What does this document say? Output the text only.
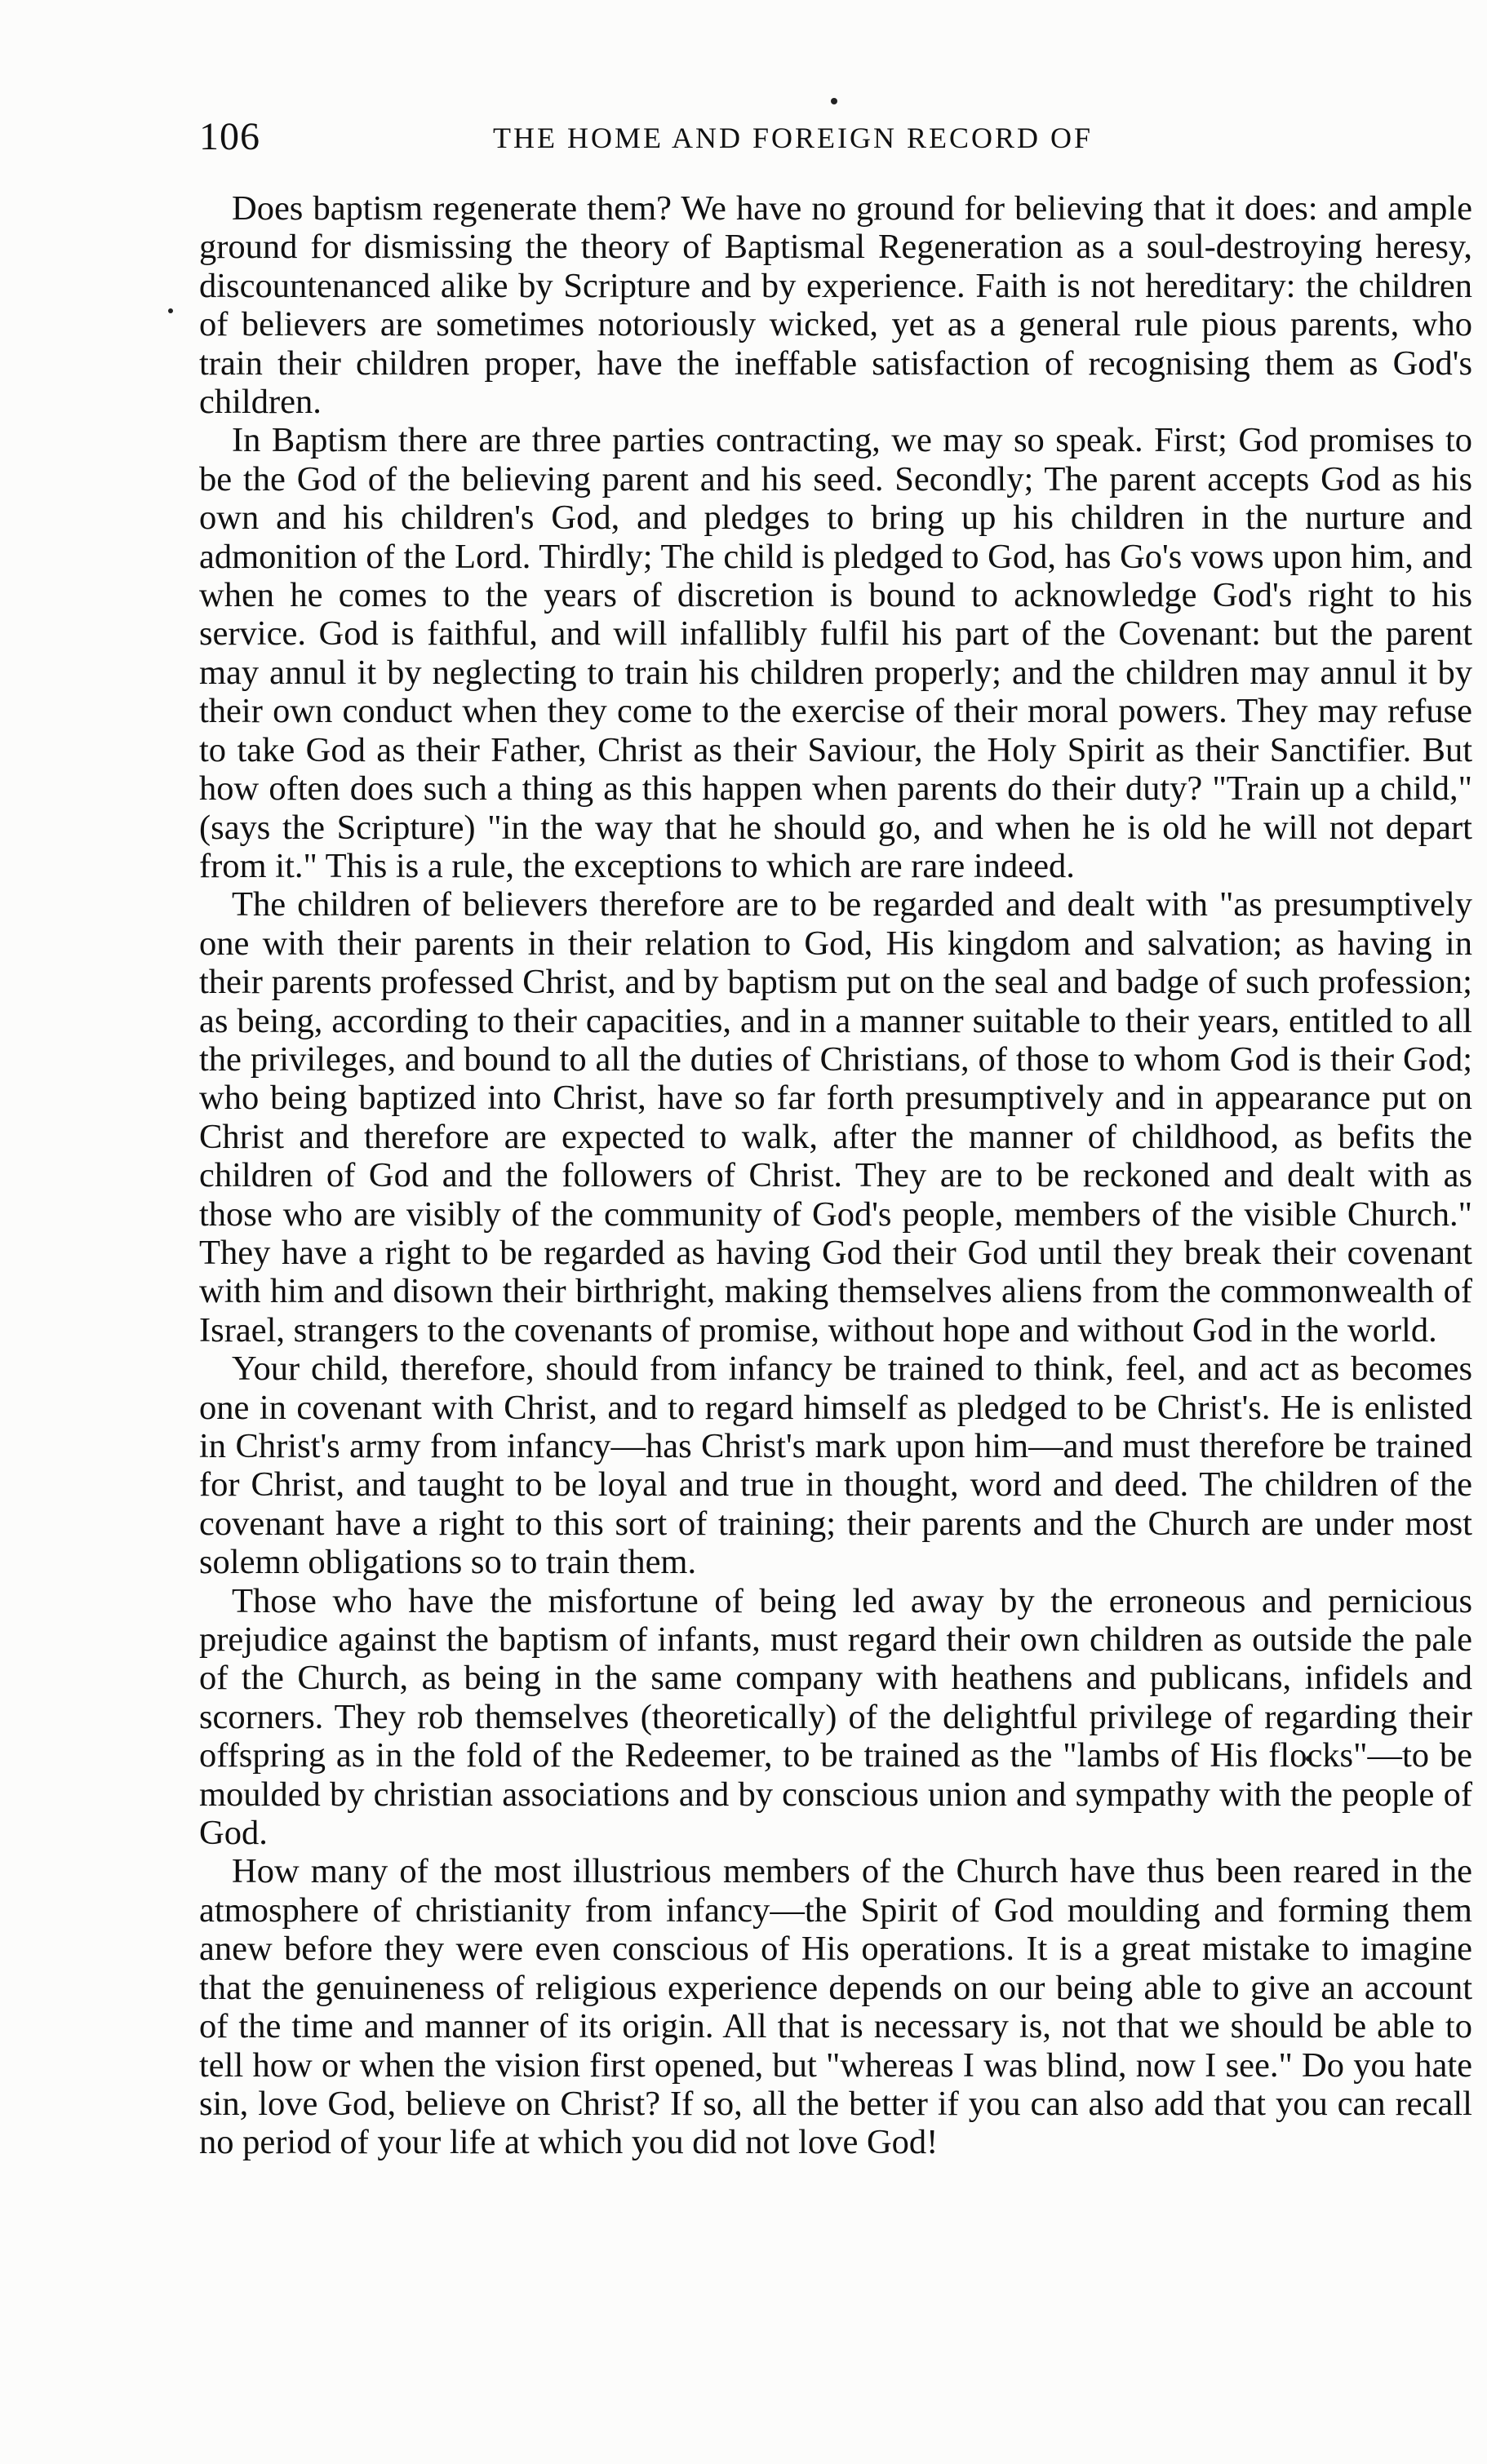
106	THE HOME AND FOREIGN RECORD OF

Does baptism regenerate them? We have no ground for believing that it does: and ample ground for dismissing the theory of Baptismal Regeneration as a soul-destroying heresy, discountenanced alike by Scripture and by experience. Faith is not hereditary: the children of believers are sometimes notoriously wicked, yet as a general rule pious parents, who train their children proper, have the ineffable satisfaction of recognising them as God's children.

In Baptism there are three parties contracting, we may so speak. First; God promises to be the God of the believing parent and his seed. Secondly; The parent accepts God as his own and his children's God, and pledges to bring up his children in the nurture and admonition of the Lord. Thirdly; The child is pledged to God, has Go's vows upon him, and when he comes to the years of discretion is bound to acknowledge God's right to his service. God is faithful, and will infallibly fulfil his part of the Covenant: but the parent may annul it by neglecting to train his children properly; and the children may annul it by their own conduct when they come to the exercise of their moral powers. They may refuse to take God as their Father, Christ as their Saviour, the Holy Spirit as their Sanctifier. But how often does such a thing as this happen when parents do their duty? "Train up a child," (says the Scripture) "in the way that he should go, and when he is old he will not depart from it." This is a rule, the exceptions to which are rare indeed.

The children of believers therefore are to be regarded and dealt with "as presumptively one with their parents in their relation to God, His kingdom and salvation; as having in their parents professed Christ, and by baptism put on the seal and badge of such profession; as being, according to their capacities, and in a manner suitable to their years, entitled to all the privileges, and bound to all the duties of Christians, of those to whom God is their God; who being baptized into Christ, have so far forth presumptively and in appearance put on Christ and therefore are expected to walk, after the manner of childhood, as befits the children of God and the followers of Christ. They are to be reckoned and dealt with as those who are visibly of the community of God's people, members of the visible Church." They have a right to be regarded as having God their God until they break their covenant with him and disown their birthright, making themselves aliens from the commonwealth of Israel, strangers to the covenants of promise, without hope and without God in the world.

Your child, therefore, should from infancy be trained to think, feel, and act as becomes one in covenant with Christ, and to regard himself as pledged to be Christ's. He is enlisted in Christ's army from infancy—has Christ's mark upon him—and must therefore be trained for Christ, and taught to be loyal and true in thought, word and deed. The children of the covenant have a right to this sort of training; their parents and the Church are under most solemn obligations so to train them.

Those who have the misfortune of being led away by the erroneous and pernicious prejudice against the baptism of infants, must regard their own children as outside the pale of the Church, as being in the same company with heathens and publicans, infidels and scorners. They rob themselves (theoretically) of the delightful privilege of regarding their offspring as in the fold of the Redeemer, to be trained as the "lambs of His flocks"—to be moulded by christian associations and by conscious union and sympathy with the people of God.

How many of the most illustrious members of the Church have thus been reared in the atmosphere of christianity from infancy—the Spirit of God moulding and forming them anew before they were even conscious of His operations. It is a great mistake to imagine that the genuineness of religious experience depends on our being able to give an account of the time and manner of its origin. All that is necessary is, not that we should be able to tell how or when the vision first opened, but "whereas I was blind, now I see." Do you hate sin, love God, believe on Christ? If so, all the better if you can also add that you can recall no period of your life at which you did not love God!
